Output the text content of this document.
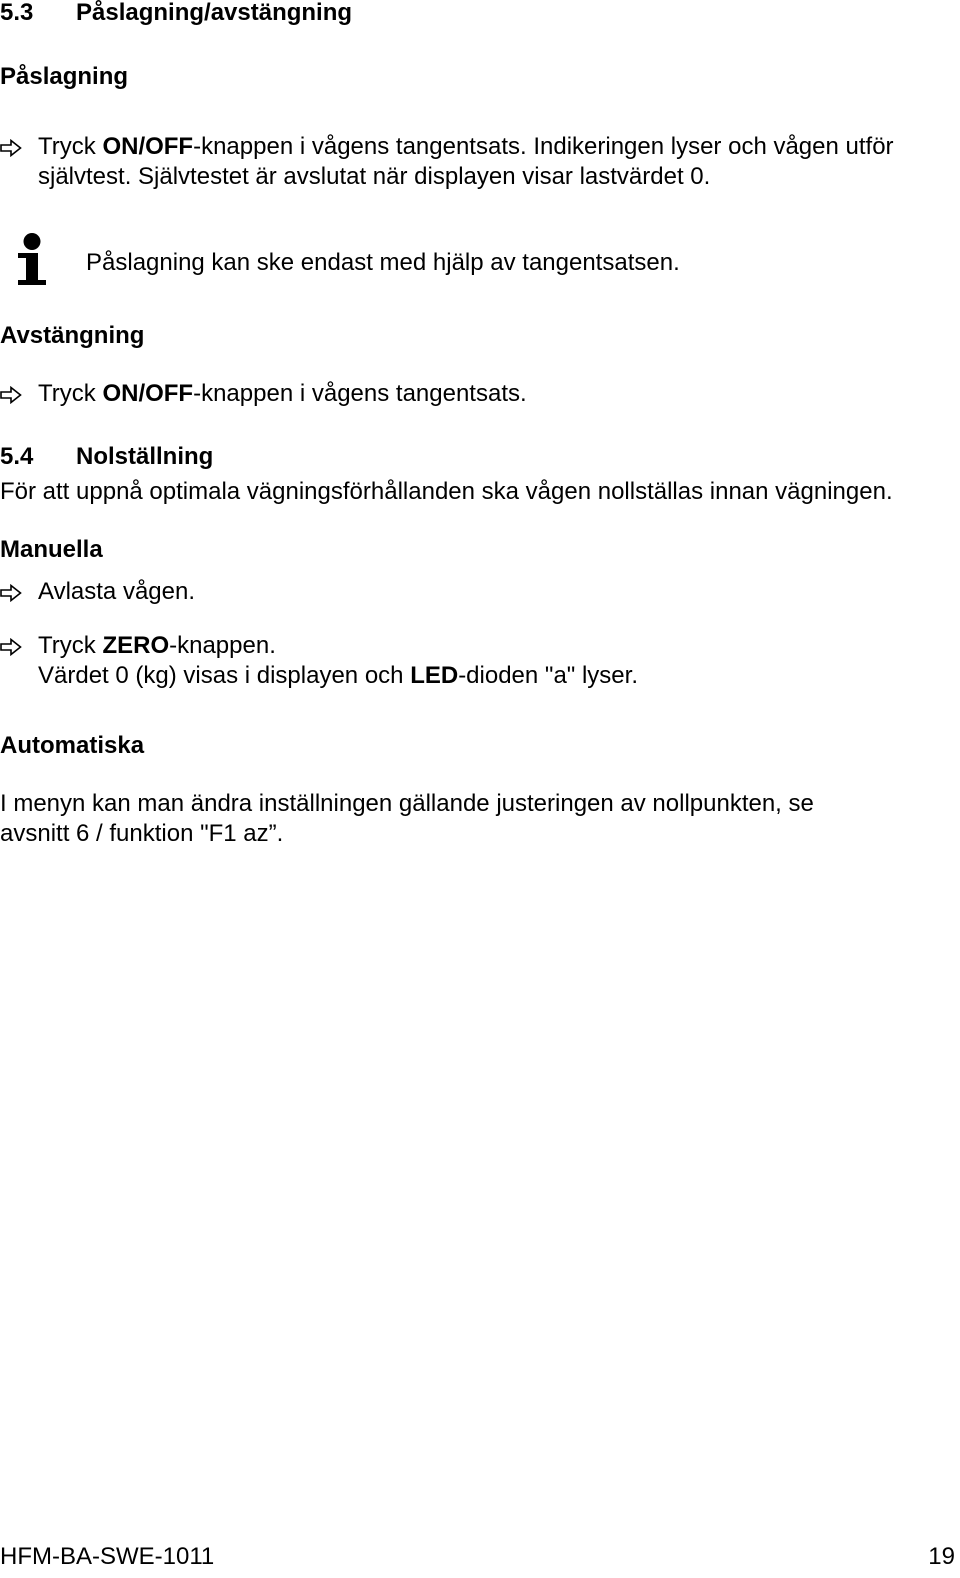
5.3 Påslagning/avstängning
Påslagning
Tryck ON/OFF-knappen i vågens tangentsats. Indikeringen lyser och vågen utför
självtest. Självtestet är avslutat när displayen visar lastvärdet 0.
Påslagning kan ske endast med hjälp av tangentsatsen.
Avstängning
Tryck ON/OFF-knappen i vågens tangentsats.
5.4 Nolställning
För att uppnå optimala vägningsförhållanden ska vågen nollställas innan vägningen.
Manuella
Avlasta vågen.
Tryck ZERO-knappen.
Värdet 0 (kg) visas i displayen och LED-dioden "a" lyser.
Automatiska
I menyn kan man ändra inställningen gällande justeringen av nollpunkten, se
avsnitt 6 / funktion "F1 az”.
HFM-BA-SWE-1011	19
